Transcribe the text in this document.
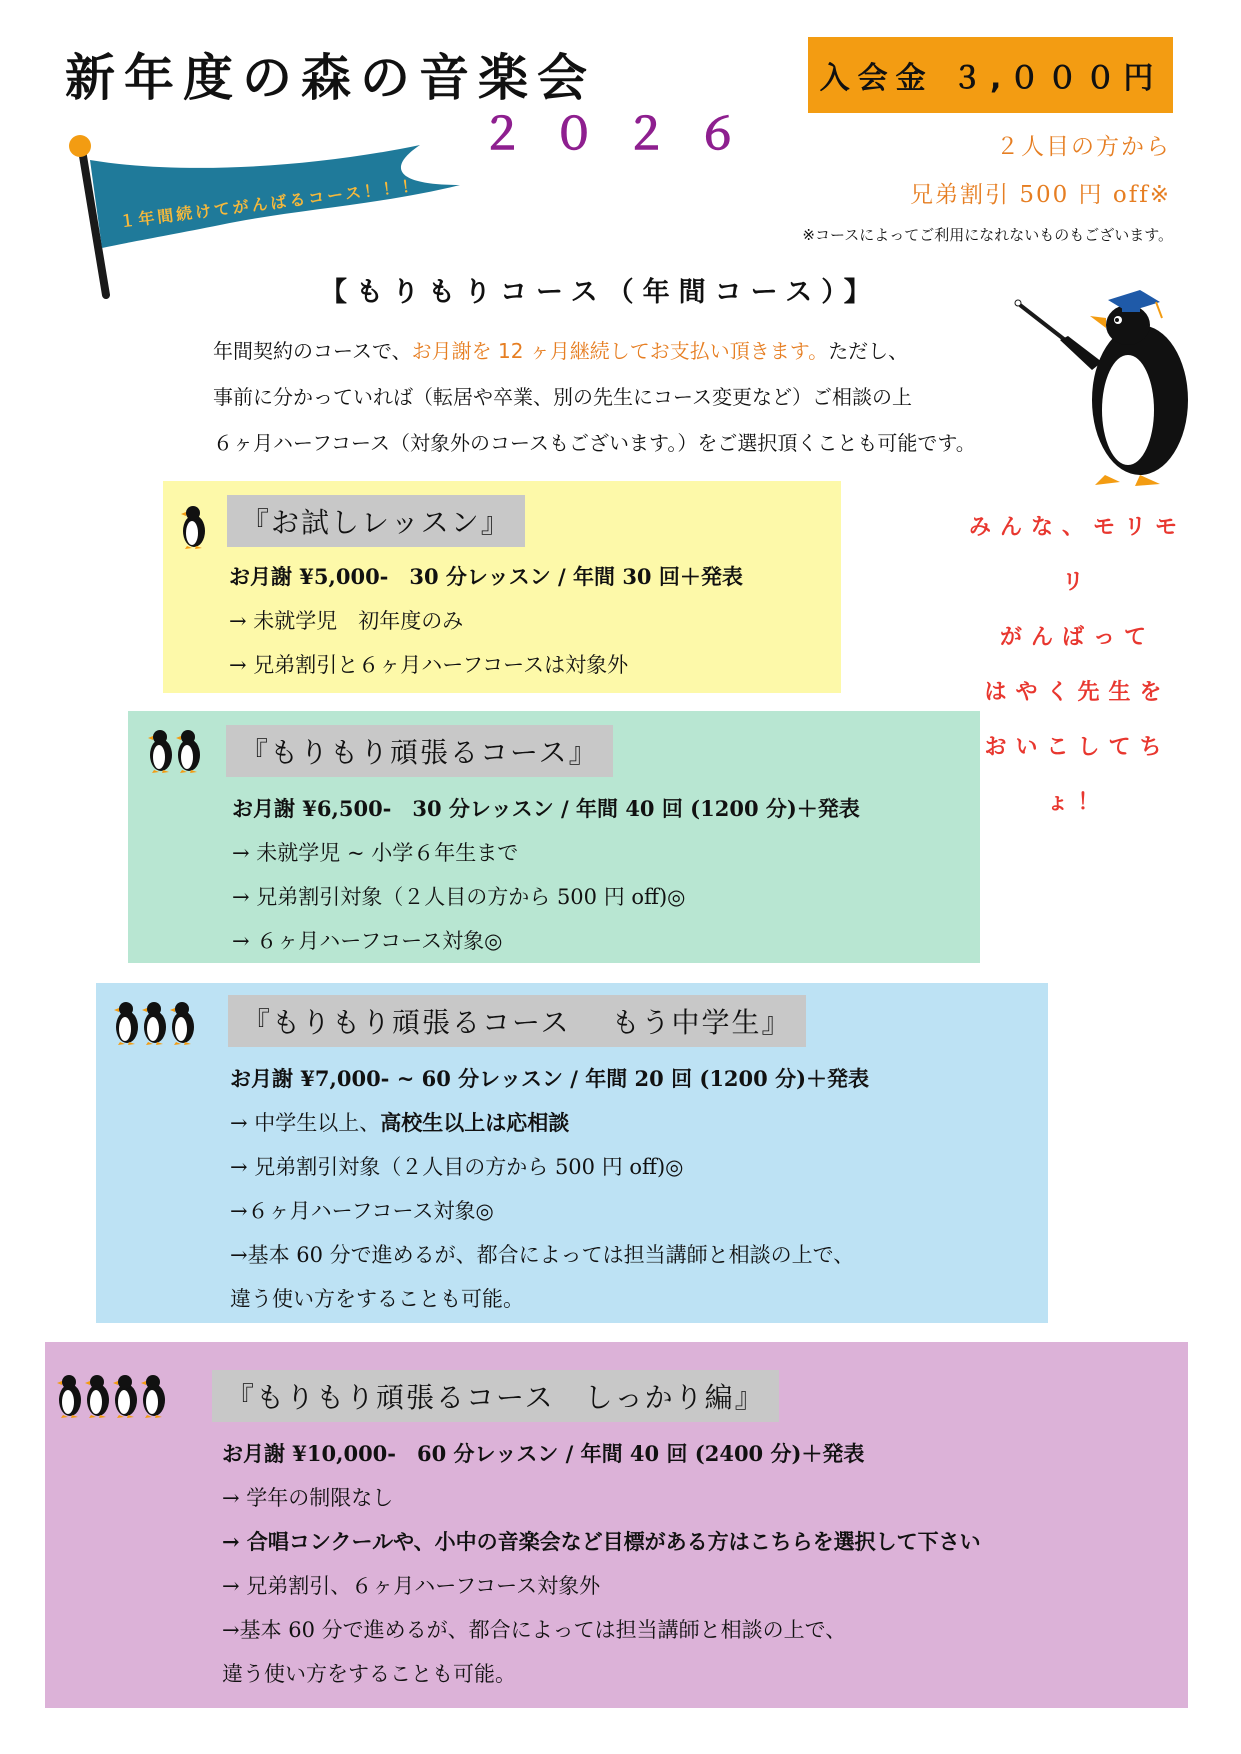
新年度の森の音楽会
２０２６
１年間続けてがんばるコース！！！
入会金 ３,０００円
２人目の方から
兄弟割引 500 円 off※
※コースによってご利用になれないものもございます。
【もりもりコース（年間コース）】
年間契約のコースで、お月謝を 12 ヶ月継続してお支払い頂きます。ただし、
事前に分かっていれば（転居や卒業、別の先生にコース変更など）ご相談の上
６ヶ月ハーフコース（対象外のコースもございます。）をご選択頂くことも可能です。
みんな、モリモリ
がんばって
はやく先生を
おいこしてちょ！
『お試しレッスン』
お月謝 ¥5,000-　30 分レッスン / 年間 30 回＋発表
→ 未就学児　初年度のみ
→ 兄弟割引と６ヶ月ハーフコースは対象外
『もりもり頑張るコース』
お月謝 ¥6,500-　30 分レッスン / 年間 40 回 (1200 分)＋発表
→ 未就学児 ~ 小学６年生まで
→ 兄弟割引対象（２人目の方から 500 円 off)◎
→ ６ヶ月ハーフコース対象◎
『もりもり頑張るコース　 もう中学生』
お月謝 ¥7,000- ~ 60 分レッスン / 年間 20 回 (1200 分)＋発表
→ 中学生以上、高校生以上は応相談
→ 兄弟割引対象（２人目の方から 500 円 off)◎
→６ヶ月ハーフコース対象◎
→基本 60 分で進めるが、都合によっては担当講師と相談の上で、
違う使い方をすることも可能。
『もりもり頑張るコース　しっかり編』
お月謝 ¥10,000-　60 分レッスン / 年間 40 回 (2400 分)＋発表
→ 学年の制限なし
→ 合唱コンクールや、小中の音楽会など目標がある方はこちらを選択して下さい
→ 兄弟割引、６ヶ月ハーフコース対象外
→基本 60 分で進めるが、都合によっては担当講師と相談の上で、
違う使い方をすることも可能。
